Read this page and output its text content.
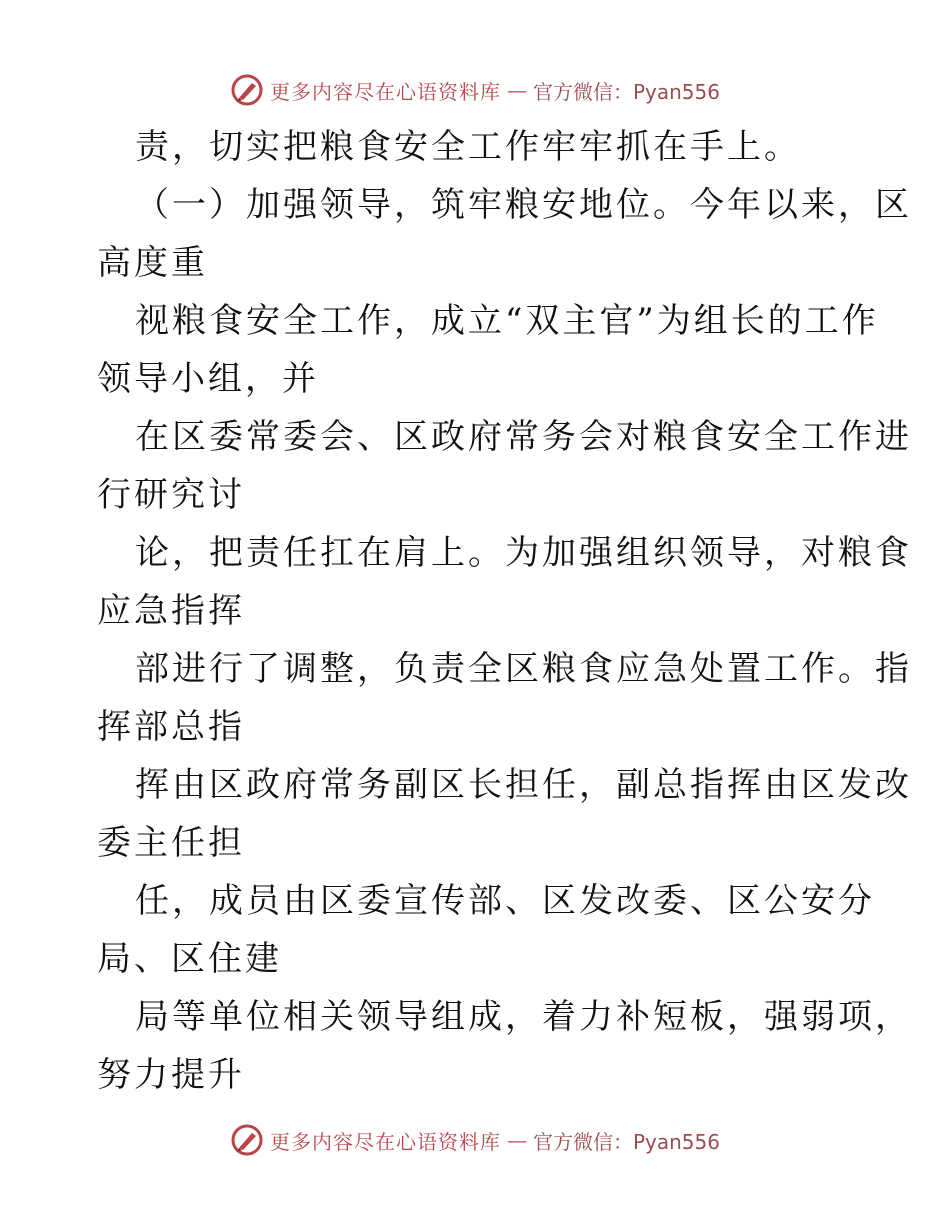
更多内容尽在心语资料库 — 官方微信：Pyan556
责，切实把粮食安全工作牢牢抓在手上。
（一）加强领导，筑牢粮安地位。今年以来，区
高度重
视粮食安全工作，成立“双主官”为组长的工作
领导小组，并
在区委常委会、区政府常务会对粮食安全工作进
行研究讨
论，把责任扛在肩上。为加强组织领导，对粮食
应急指挥
部进行了调整，负责全区粮食应急处置工作。指
挥部总指
挥由区政府常务副区长担任，副总指挥由区发改
委主任担
任，成员由区委宣传部、区发改委、区公安分
局、区住建
局等单位相关领导组成，着力补短板，强弱项，
努力提升
更多内容尽在心语资料库 — 官方微信：Pyan556
